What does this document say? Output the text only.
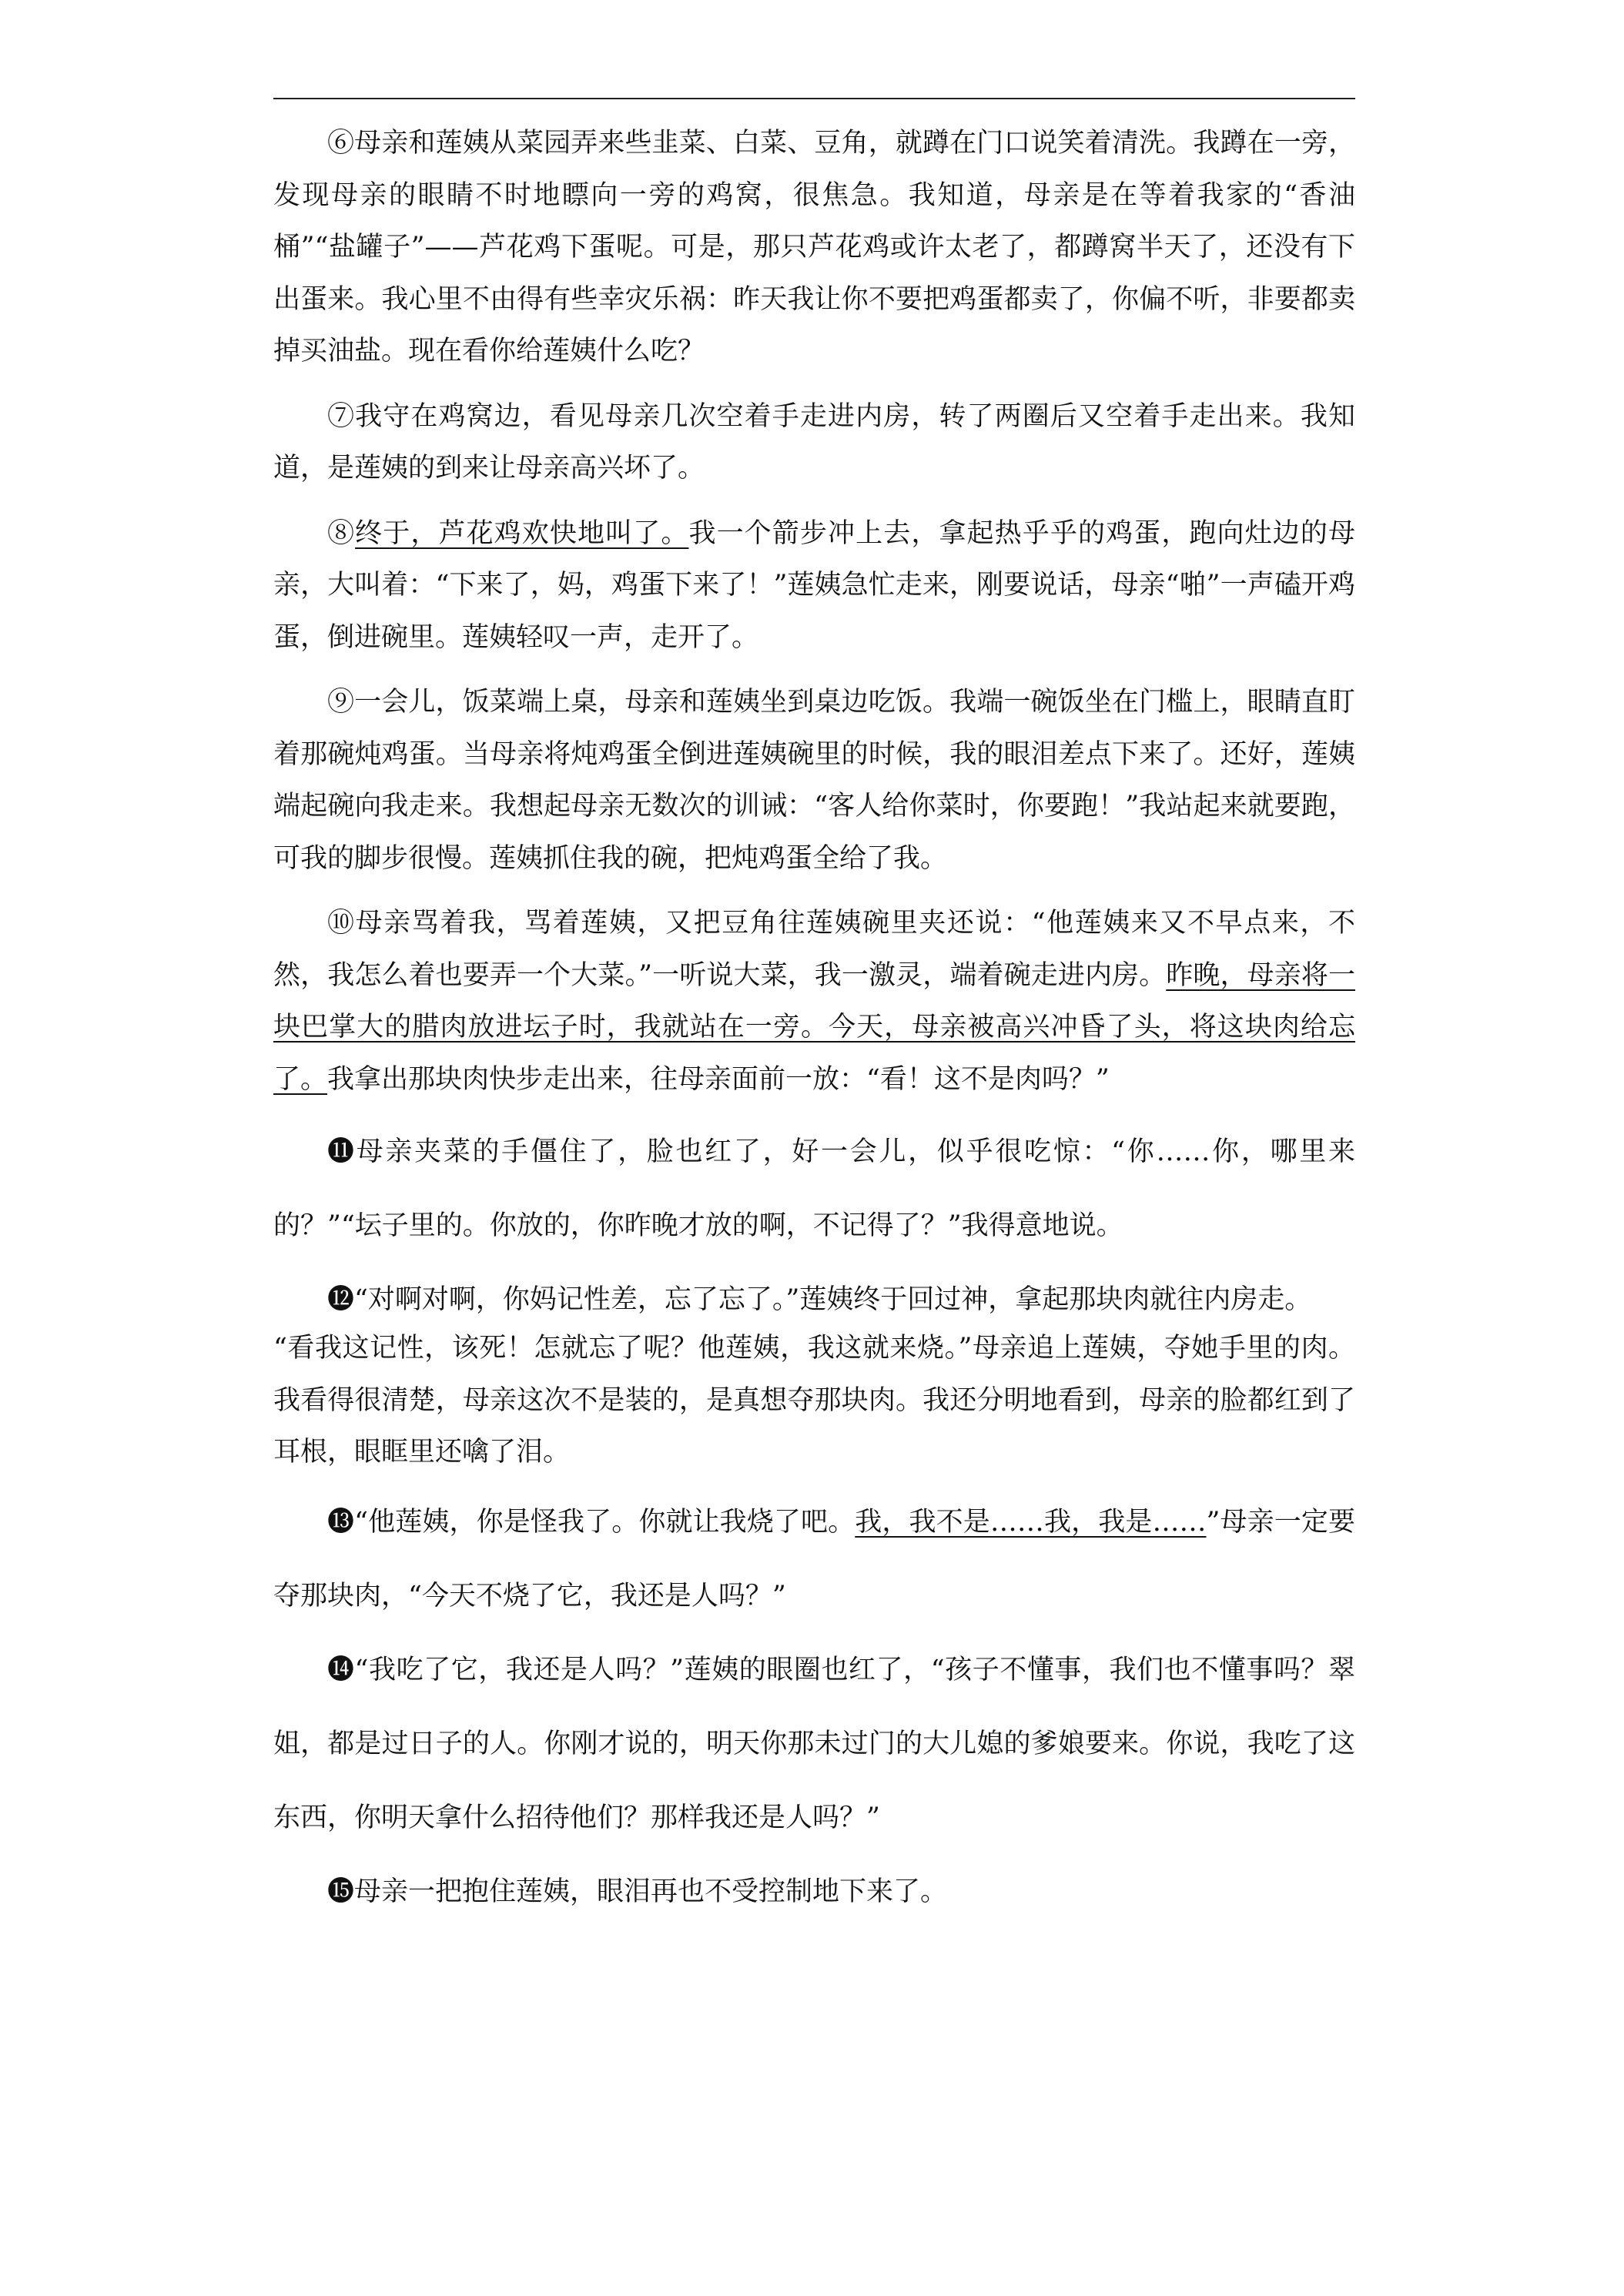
⑥母亲和莲姨从菜园弄来些韭菜、白菜、豆角，就蹲在门口说笑着清洗。我蹲在一旁，发现母亲的眼睛不时地瞟向一旁的鸡窝，很焦急。我知道，母亲是在等着我家的“香油桶”“盐罐子”——芦花鸡下蛋呢。可是，那只芦花鸡或许太老了，都蹲窝半天了，还没有下出蛋来。我心里不由得有些幸灾乐祸：昨天我让你不要把鸡蛋都卖了，你偏不听，非要都卖掉买油盐。现在看你给莲姨什么吃？

⑦我守在鸡窝边，看见母亲几次空着手走进内房，转了两圈后又空着手走出来。我知道，是莲姨的到来让母亲高兴坏了。

⑧终于，芦花鸡欢快地叫了。我一个箭步冲上去，拿起热乎乎的鸡蛋，跑向灶边的母亲，大叫着：“下来了，妈，鸡蛋下来了！”莲姨急忙走来，刚要说话，母亲“啪”一声磕开鸡蛋，倒进碗里。莲姨轻叹一声，走开了。

⑨一会儿，饭菜端上桌，母亲和莲姨坐到桌边吃饭。我端一碗饭坐在门槛上，眼睛直盯着那碗炖鸡蛋。当母亲将炖鸡蛋全倒进莲姨碗里的时候，我的眼泪差点下来了。还好，莲姨端起碗向我走来。我想起母亲无数次的训诫：“客人给你菜时，你要跑！”我站起来就要跑，可我的脚步很慢。莲姨抓住我的碗，把炖鸡蛋全给了我。

⑩母亲骂着我，骂着莲姨，又把豆角往莲姨碗里夹还说：“他莲姨来又不早点来，不然，我怎么着也要弄一个大菜。”一听说大菜，我一激灵，端着碗走进内房。昨晚，母亲将一块巴掌大的腊肉放进坛子时，我就站在一旁。今天，母亲被高兴冲昏了头，将这块肉给忘了。我拿出那块肉快步走出来，往母亲面前一放：“看！这不是肉吗？”

⓫母亲夹菜的手僵住了，脸也红了，好一会儿，似乎很吃惊：“你……你，哪里来的？”“坛子里的。你放的，你昨晚才放的啊，不记得了？”我得意地说。

⓬“对啊对啊，你妈记性差，忘了忘了。”莲姨终于回过神，拿起那块肉就往内房走。

“看我这记性，该死！怎就忘了呢？他莲姨，我这就来烧。”母亲追上莲姨，夺她手里的肉。我看得很清楚，母亲这次不是装的，是真想夺那块肉。我还分明地看到，母亲的脸都红到了耳根，眼眶里还噙了泪。

⓭“他莲姨，你是怪我了。你就让我烧了吧。我，我不是……我，我是……”母亲一定要夺那块肉，“今天不烧了它，我还是人吗？”

⓮“我吃了它，我还是人吗？”莲姨的眼圈也红了，“孩子不懂事，我们也不懂事吗？翠姐，都是过日子的人。你刚才说的，明天你那未过门的大儿媳的爹娘要来。你说，我吃了这东西，你明天拿什么招待他们？那样我还是人吗？”

⓯母亲一把抱住莲姨，眼泪再也不受控制地下来了。
